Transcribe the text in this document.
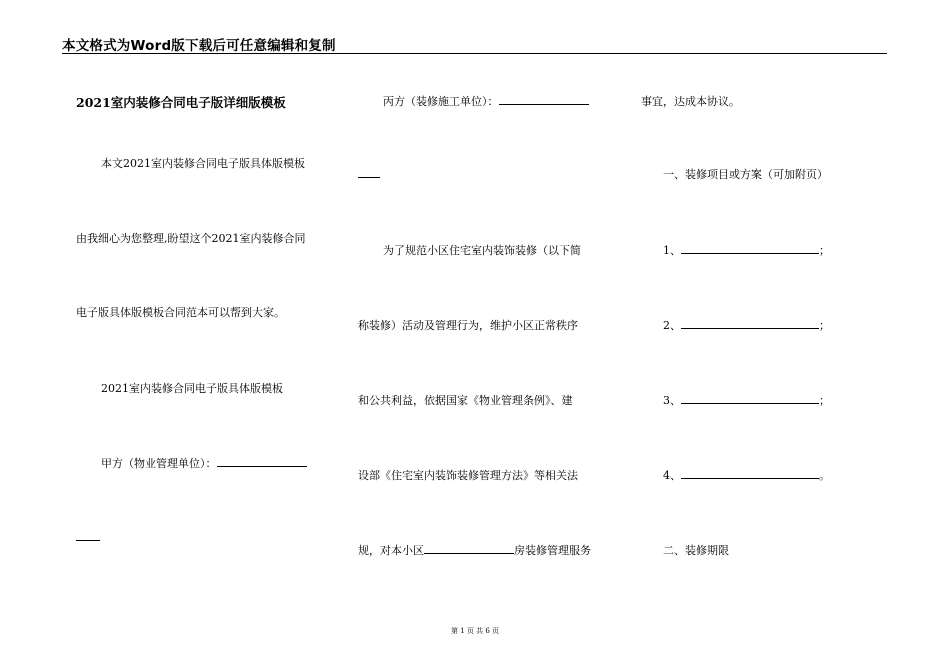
本文格式为Word版下载后可任意编辑和复制
2021室内装修合同电子版详细版模板
本文2021室内装修合同电子版具体版模板
由我细心为您整理,盼望这个2021室内装修合同
电子版具体版模板合同范本可以帮到大家。
2021室内装修合同电子版具体版模板
甲方（物业管理单位）：
丙方（装修施工单位）：
为了规范小区住宅室内装饰装修（以下简
称装修）活动及管理行为，维护小区正常秩序
和公共利益，依据国家《物业管理条例》、建
设部《住宅室内装饰装修管理方法》等相关法
规，对本小区	房装修管理服务
事宜，达成本协议。
一、装修项目或方案（可加附页）
1、	；
2、	；
3、	；
4、	。
二、装修期限
第 1 页 共 6 页
